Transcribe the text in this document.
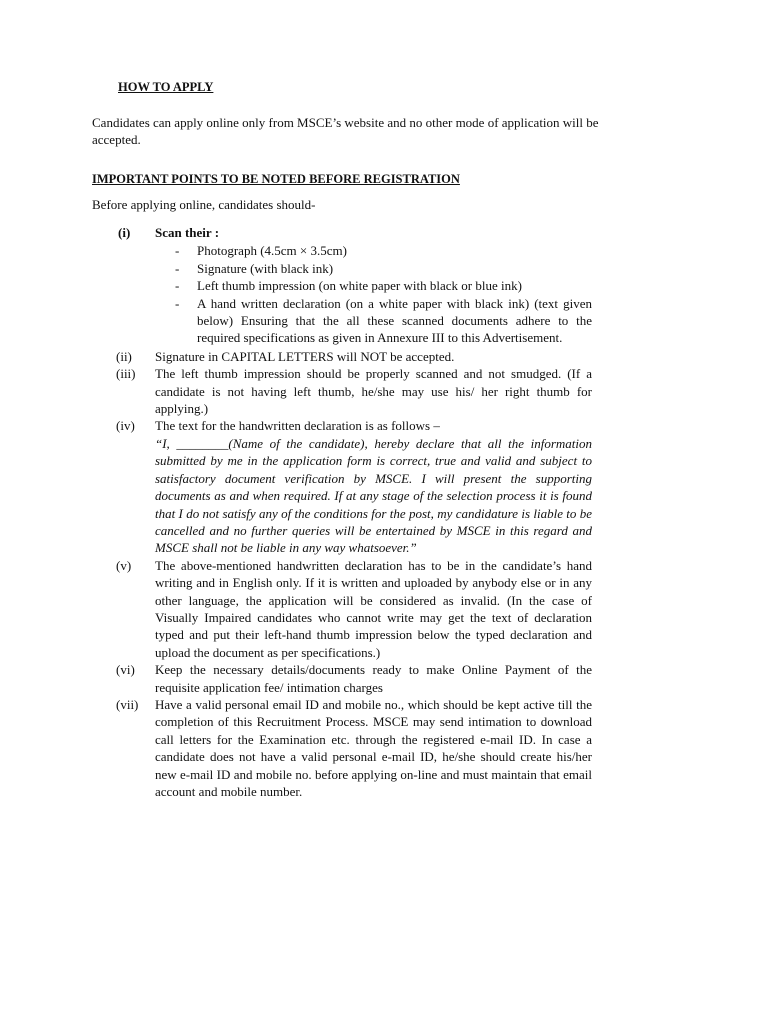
HOW TO APPLY
Candidates can apply online only from MSCE’s website and no other mode of application will be accepted.
IMPORTANT POINTS TO BE NOTED BEFORE REGISTRATION
Before applying online, candidates should-
(i) Scan their :
- Photograph (4.5cm × 3.5cm)
- Signature (with black ink)
- Left thumb impression (on white paper with black or blue ink)
- A hand written declaration (on a white paper with black ink) (text given below) Ensuring that the all these scanned documents adhere to the required specifications as given in Annexure III to this Advertisement.
(ii) Signature in CAPITAL LETTERS will NOT be accepted.
(iii) The left thumb impression should be properly scanned and not smudged. (If a candidate is not having left thumb, he/she may use his/ her right thumb for applying.)
(iv) The text for the handwritten declaration is as follows –
“I, ________(Name of the candidate), hereby declare that all the information submitted by me in the application form is correct, true and valid and subject to satisfactory document verification by MSCE. I will present the supporting documents as and when required. If at any stage of the selection process it is found that I do not satisfy any of the conditions for the post, my candidature is liable to be cancelled and no further queries will be entertained by MSCE in this regard and MSCE shall not be liable in any way whatsoever.”
(v) The above-mentioned handwritten declaration has to be in the candidate’s hand writing and in English only. If it is written and uploaded by anybody else or in any other language, the application will be considered as invalid. (In the case of Visually Impaired candidates who cannot write may get the text of declaration typed and put their left-hand thumb impression below the typed declaration and upload the document as per specifications.)
(vi) Keep the necessary details/documents ready to make Online Payment of the requisite application fee/ intimation charges
(vii) Have a valid personal email ID and mobile no., which should be kept active till the completion of this Recruitment Process. MSCE may send intimation to download call letters for the Examination etc. through the registered e-mail ID. In case a candidate does not have a valid personal e-mail ID, he/she should create his/her new e-mail ID and mobile no. before applying on-line and must maintain that email account and mobile number.
